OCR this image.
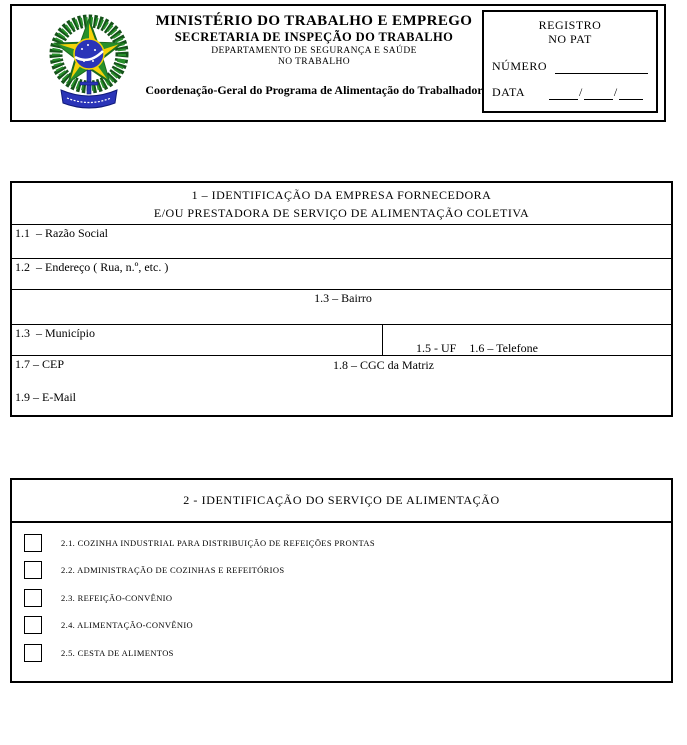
MINISTÉRIO DO TRABALHO E EMPREGO
SECRETARIA DE INSPEÇÃO DO TRABALHO
DEPARTAMENTO DE SEGURANÇA E SAÚDE
NO TRABALHO
Coordenação-Geral do Programa de Alimentação do Trabalhador
REGISTRO
NO PAT
NÚMERO
DATA	/	/
1 – IDENTIFICAÇÃO DA EMPRESA FORNECEDORA
E/OU PRESTADORA DE SERVIÇO DE ALIMENTAÇÃO COLETIVA
1.1  – Razão Social
1.2  – Endereço ( Rua, n.º, etc. )
1.3 – Bairro
1.3  – Município

1.5 - UF 1.6 – Telefone

1.7 – CEP	1.8 – CGC da Matriz
1.9 – E-Mail
2 - IDENTIFICAÇÃO DO SERVIÇO DE ALIMENTAÇÃO
2.1. COZINHA INDUSTRIAL PARA DISTRIBUIÇÃO DE REFEIÇÕES PRONTAS
2.2. ADMINISTRAÇÃO DE COZINHAS E REFEITÓRIOS
2.3. REFEIÇÃO-CONVÊNIO
2.4. ALIMENTAÇÃO-CONVÊNIO
2.5. CESTA DE ALIMENTOS
